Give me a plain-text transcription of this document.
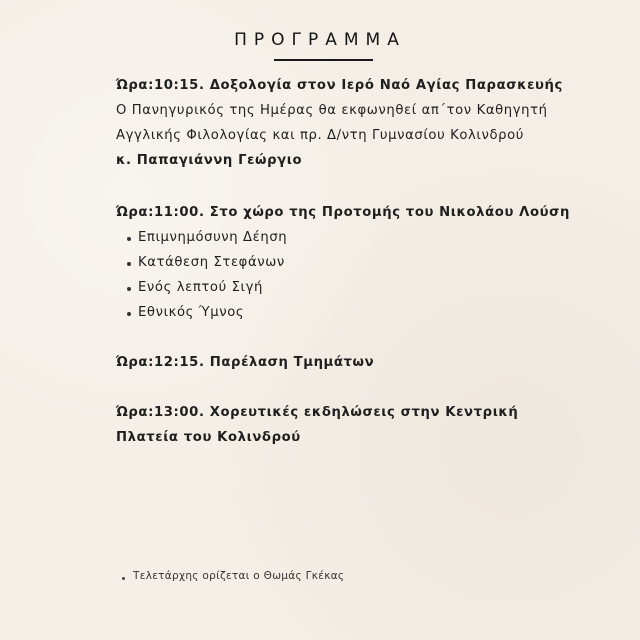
ΠΡΟΓΡΑΜΜΑ
Ώρα:10:15. Δοξολογία στον Ιερό Ναό Αγίας Παρασκευής
Ο Πανηγυρικός της Ημέρας θα εκφωνηθεί απ΄τον Καθηγητή
Αγγλικής Φιλολογίας και πρ. Δ/ντη Γυμνασίου Κολινδρού
κ. Παπαγιάννη Γεώργιο
Ώρα:11:00. Στο χώρο της Προτομής του Νικολάου Λούση
Επιμνημόσυνη Δέηση
Κατάθεση Στεφάνων
Ενός λεπτού Σιγή
Εθνικός Ύμνος
Ώρα:12:15. Παρέλαση Τμημάτων
Ώρα:13:00. Χορευτικές εκδηλώσεις στην Κεντρική
Πλατεία του Κολινδρού
Τελετάρχης ορίζεται ο Θωμάς Γκέκας
